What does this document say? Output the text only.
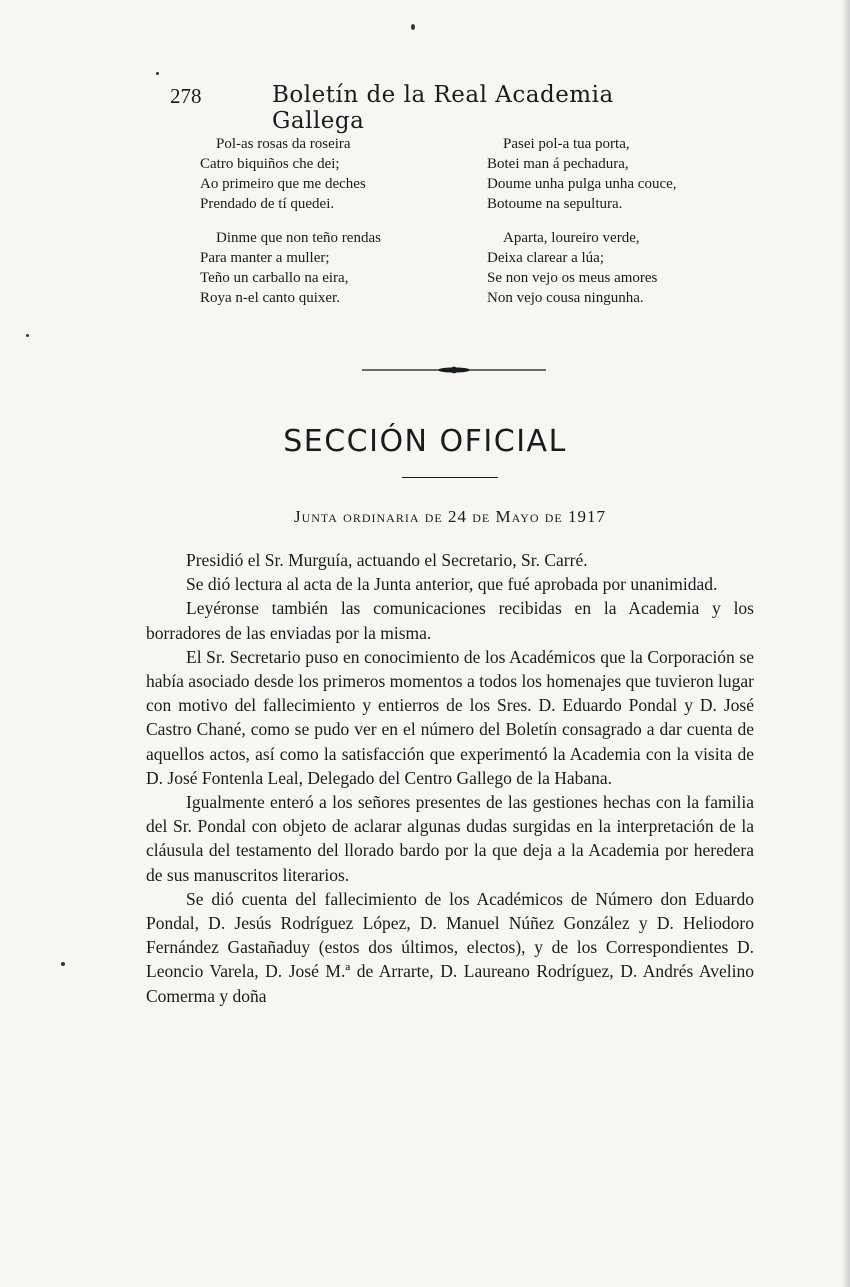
278	Boletín de la Real Academia Gallega
Pol-as rosas da roseira
Catro biquiños che dei;
Ao primeiro que me deches
Prendado de tí quedei.
Dinme que non teño rendas
Para manter a muller;
Teño un carballo na eira,
Roya n-el canto quixer.
Pasei pol-a tua porta,
Botei man á pechadura,
Doume unha pulga unha couce,
Botoume na sepultura.
Aparta, loureiro verde,
Deixa clarear a lúa;
Se non vejo os meus amores
Non vejo cousa ningunha.
SECCIÓN OFICIAL
Junta ordinaria de 24 de Mayo de 1917

Presidió el Sr. Murguía, actuando el Secretario, Sr. Carré.

Se dió lectura al acta de la Junta anterior, que fué aprobada por unanimidad.

Leyéronse también las comunicaciones recibidas en la Academia y los borradores de las enviadas por la misma.

El Sr. Secretario puso en conocimiento de los Académicos que la Corporación se había asociado desde los primeros momentos a todos los homenajes que tuvieron lugar con motivo del fallecimiento y entierros de los Sres. D. Eduardo Pondal y D. José Castro Chané, como se pudo ver en el número del Boletín consagrado a dar cuenta de aquellos actos, así como la satisfacción que experimentó la Academia con la visita de D. José Fontenla Leal, Delegado del Centro Gallego de la Habana.

Igualmente enteró a los señores presentes de las gestiones hechas con la familia del Sr. Pondal con objeto de aclarar algunas dudas surgidas en la interpretación de la cláusula del testamento del llorado bardo por la que deja a la Academia por heredera de sus manuscritos literarios.

Se dió cuenta del fallecimiento de los Académicos de Número don Eduardo Pondal, D. Jesús Rodríguez López, D. Manuel Núñez González y D. Heliodoro Fernández Gastañaduy (estos dos últimos, electos), y de los Correspondientes D. Leoncio Varela, D. José M.ª de Arrarte, D. Laureano Rodríguez, D. Andrés Avelino Comerma y doña
